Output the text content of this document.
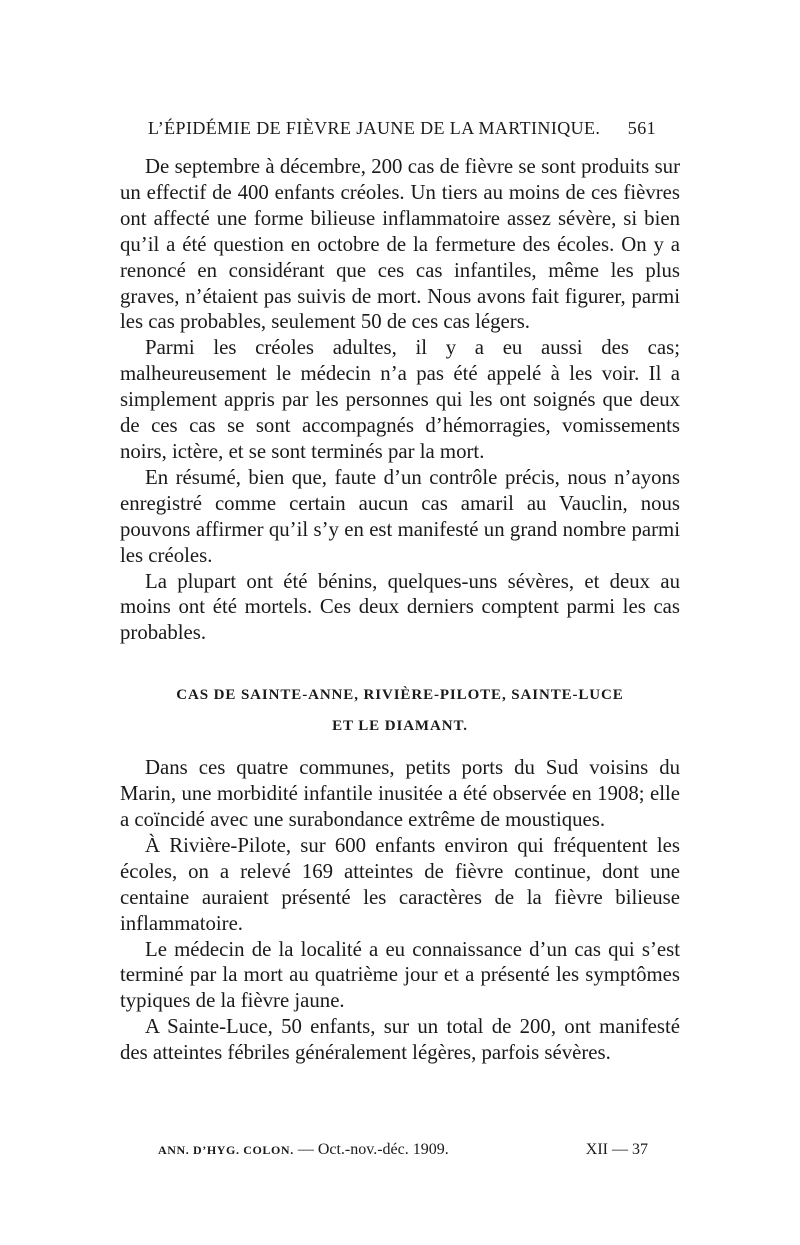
L’ÉPIDÉMIE DE FIÈVRE JAUNE DE LA MARTINIQUE. 561

De septembre à décembre, 200 cas de fièvre se sont produits sur un effectif de 400 enfants créoles. Un tiers au moins de ces fièvres ont affecté une forme bilieuse inflammatoire assez sévère, si bien qu’il a été question en octobre de la fermeture des écoles. On y a renoncé en considérant que ces cas infantiles, même les plus graves, n’étaient pas suivis de mort. Nous avons fait figurer, parmi les cas probables, seulement 50 de ces cas légers.

Parmi les créoles adultes, il y a eu aussi des cas; malheureusement le médecin n’a pas été appelé à les voir. Il a simplement appris par les personnes qui les ont soignés que deux de ces cas se sont accompagnés d’hémorragies, vomissements noirs, ictère, et se sont terminés par la mort.

En résumé, bien que, faute d’un contrôle précis, nous n’ayons enregistré comme certain aucun cas amaril au Vauclin, nous pouvons affirmer qu’il s’y en est manifesté un grand nombre parmi les créoles.

La plupart ont été bénins, quelques-uns sévères, et deux au moins ont été mortels. Ces deux derniers comptent parmi les cas probables.

CAS DE SAINTE-ANNE, RIVIÈRE-PILOTE, SAINTE-LUCE
ET LE DIAMANT.

Dans ces quatre communes, petits ports du Sud voisins du Marin, une morbidité infantile inusitée a été observée en 1908; elle a coïncidé avec une surabondance extrême de moustiques.

À Rivière-Pilote, sur 600 enfants environ qui fréquentent les écoles, on a relevé 169 atteintes de fièvre continue, dont une centaine auraient présenté les caractères de la fièvre bilieuse inflammatoire.

Le médecin de la localité a eu connaissance d’un cas qui s’est terminé par la mort au quatrième jour et a présenté les symptômes typiques de la fièvre jaune.

A Sainte-Luce, 50 enfants, sur un total de 200, ont manifesté des atteintes fébriles généralement légères, parfois sévères.

ANN. D’HYG. COLON. — Oct.-nov.-déc. 1909.	XII — 37
